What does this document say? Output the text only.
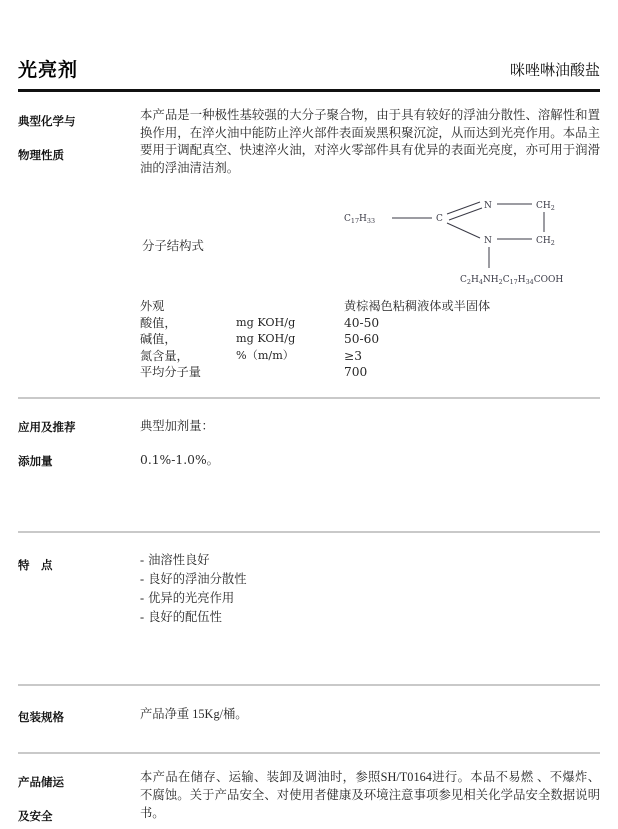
光亮剂	咪唑啉油酸盐
典型化学与
物理性质

本产品是一种极性基较强的大分子聚合物，由于具有较好的浮油分散性、溶解性和置换作用，在淬火油中能防止淬火部件表面炭黑积聚沉淀，从而达到光亮作用。本品主要用于调配真空、快速淬火油，对淬火零部件具有优异的表面光亮度，亦可用于润滑油的浮油清洁剂。

分子结构式
$C_{17}H_{33}$	C
N
N
$CH_2$
$CH_2$
$C_2H_4NH_2C_{17}H_{34}COOH$
外观		黄棕褐色粘稠液体或半固体
酸值，	mg KOH/g	40-50
碱值，	mg KOH/g	50-60
氮含量，	%（m/m）	≥3
平均分子量		700
应用及推荐
添加量

典型加剂量：

0.1%-1.0%。

特　点	- 油溶性良好
- 良好的浮油分散性
- 优异的光亮作用
- 良好的配伍性
包装规格	产品净重 15Kg/桶。

产品储运
及安全

本产品在储存、运输、装卸及调油时，参照SH/T0164进行。本品不易燃 、不爆炸、不腐蚀。关于产品安全、对使用者健康及环境注意事项参见相关化学品安全数据说明书。
